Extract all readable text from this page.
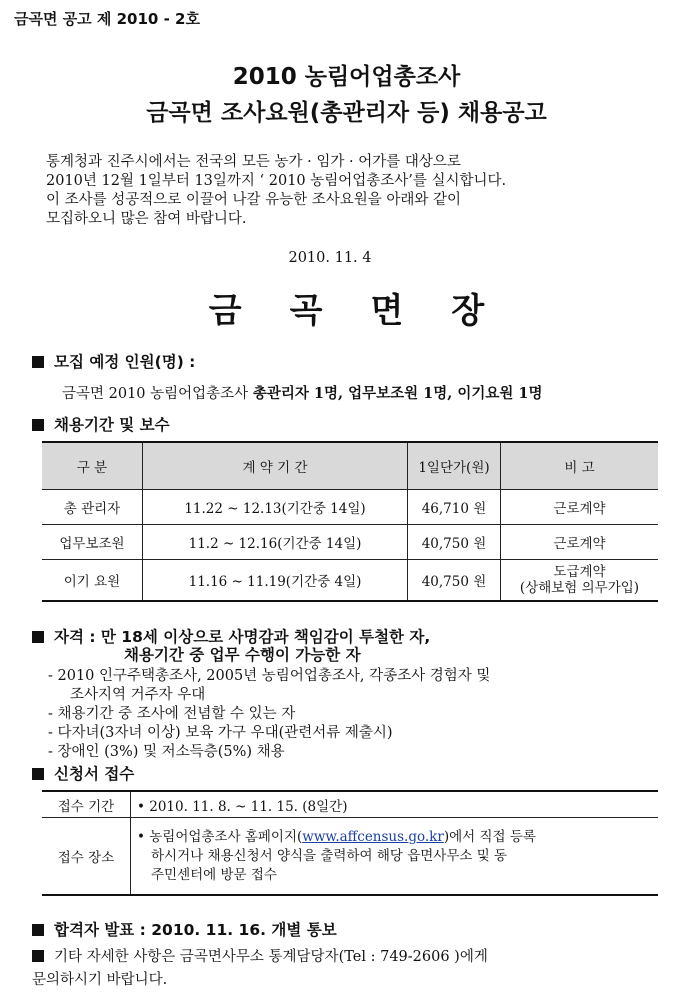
금곡면 공고 제 2010 - 2호
2010 농림어업총조사
금곡면 조사요원(총관리자 등) 채용공고
통계청과 진주시에서는 전국의 모든 농가 · 임가 · 어가를 대상으로
2010년 12월 1일부터 13일까지 ‘ 2010 농림어업총조사’를 실시합니다.
이 조사를 성공적으로 이끌어 나갈 유능한 조사요원을 아래와 같이
모집하오니 많은 참여 바랍니다.
2010. 11. 4
금곡면장
모집 예정 인원(명) :
금곡면 2010 농림어업총조사 총관리자 1명, 업무보조원 1명, 이기요원 1명
채용기간 및 보수
구 분	계 약 기 간	1일단가(원)	비 고
총 관리자	11.22 ~ 12.13(기간중 14일)	46,710 원	근로계약
업무보조원	11.2 ~ 12.16(기간중 14일)	40,750 원	근로계약
이기 요원	11.16 ~ 11.19(기간중 4일)	40,750 원	도급계약
(상해보험 의무가입)
자격 : 만 18세 이상으로 사명감과 책임감이 투철한 자,
채용기간 중 업무 수행이 가능한 자
- 2010 인구주택총조사, 2005년 농림어업총조사, 각종조사 경험자 및
조사지역 거주자 우대
- 채용기간 중 조사에 전념할 수 있는 자
- 다자녀(3자녀 이상) 보육 가구 우대(관련서류 제출시)
- 장애인 (3%) 및 저소득층(5%) 채용
신청서 접수
접수 기간	• 2010. 11. 8. ~ 11. 15. (8일간)
접수 장소	• 농림어업총조사 홈페이지(www.affcensus.go.kr)에서 직접 등록
하시거나 채용신청서 양식을 출력하여 해당 읍면사무소 및 동
주민센터에 방문 접수
합격자 발표 : 2010. 11. 16. 개별 통보
기타 자세한 사항은 금곡면사무소 통계담당자(Tel : 749-2606 )에게
문의하시기 바랍니다.
